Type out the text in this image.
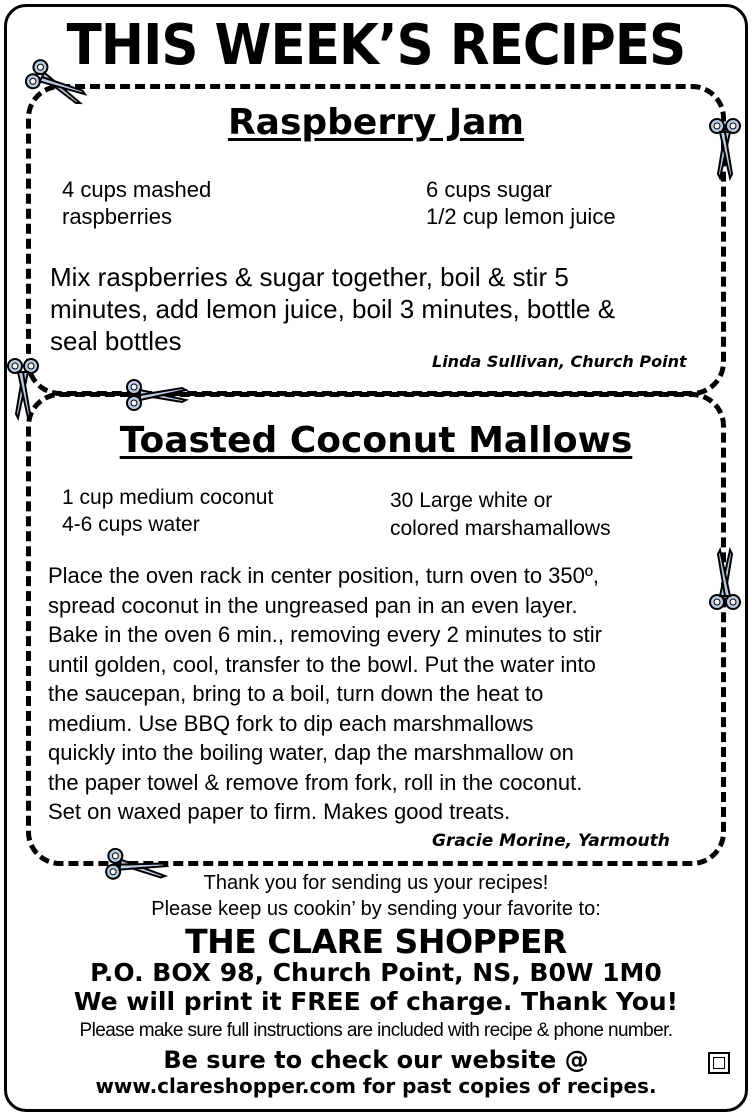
THIS WEEK’S RECIPES
Raspberry Jam
4 cups mashed
raspberries
6 cups sugar
1/2 cup lemon juice
Mix raspberries & sugar together, boil & stir 5
minutes, add lemon juice, boil 3 minutes, bottle &
seal bottles
Linda Sullivan, Church Point
Toasted Coconut Mallows
1 cup medium coconut
4-6 cups water
30 Large white or
colored marshamallows
Place the oven rack in center position, turn oven to 350º,
spread coconut in the ungreased pan in an even layer.
Bake in the oven 6 min., removing every 2 minutes to stir
until golden, cool, transfer to the bowl. Put the water into
the saucepan, bring to a boil, turn down the heat to
medium. Use BBQ fork to dip each marshmallows
quickly into the boiling water, dap the marshmallow on
the paper towel & remove from fork, roll in the coconut.
Set on waxed paper to firm. Makes good treats.
Gracie Morine, Yarmouth
Thank you for sending us your recipes!
Please keep us cookin’ by sending your favorite to:
THE CLARE SHOPPER
P.O. BOX 98, Church Point, NS, B0W 1M0
We will print it FREE of charge. Thank You!
Please make sure full instructions are included with recipe & phone number.
Be sure to check our website @
www.clareshopper.com for past copies of recipes.
